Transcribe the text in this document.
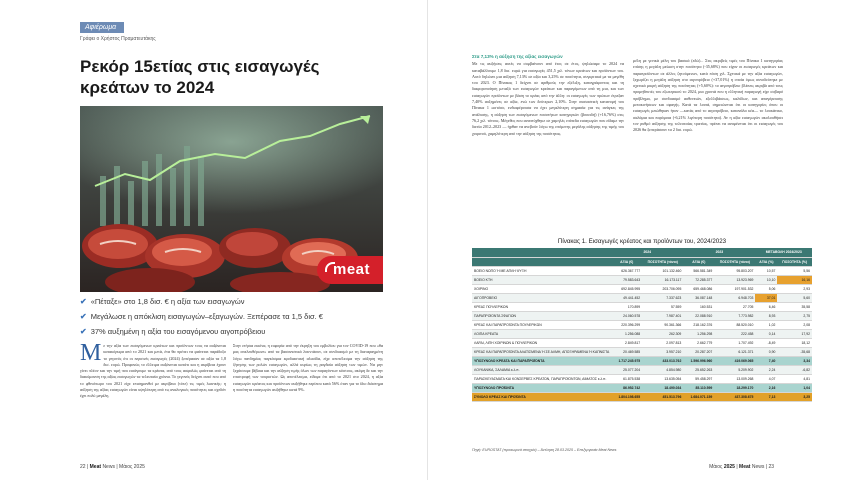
Αφιέρωμα
Γράφει ο Χρήστος Πραματευτάκης
Ρεκόρ 15ετίας στις εισαγωγές κρεάτων το 2024
meat
✔ «Πέταξε» στο 1,8 δισ. € η αξία των εισαγωγών
✔ Μεγάλωσε η απόκλιση εισαγωγών–εξαγωγών. Ξεπέρασε τα 1,5 δισ. €
✔ 37% αυξημένη η αξία του εισαγόμενου αιγοπρόβειου
Μ ε την αξία των εισαγόμενων κρεάτων και προϊόντων τους να αυξάνεται κατακόρυφα από το 2021 και μετά, ένα θα πρέπει να φαίνεται παράδοξο το γεγονός ότι οι περσινές εισαγωγές (2024) ξεπέρασαν σε αξία τα 1,8 δισ. ευρώ. Προφανώς το έλλειμα αυξάνεται κατάτι και η ακρίβεια έχουν γίνει πλέον και την τιμή που εισάγουμε τα κρέατα, από τους ασφαλώς φαίνεται από τη διακύμανση της αξίας εισαγωγών τα τελευταία χρόνια. Το γεγονός δείχνει αυτό που από το φθινόπωρο του 2021 είχε επισημανθεί με ακρίβεια (τότε) τις τιμές λιανικής: η αύξηση της αξίας εισαγωγών είναι υψηλότερη από τις αναλογικές ποσότητες και σχεδόν έχει πολύ μεγάλη.
Στην ετήσια εκκίνα, η ευφορία από την έκρηξη του εμβολίου για τον COVID-19 που «θα μας απελευθέρωνε» από τα βασανιστικά λοκντάουν, σε συνδυασμό με τη διαταραγμένη λόγω πανδημίας παγκόσμια εφοδιαστική αλυσίδα, είχε αποτέλεσμα την αύξηση της ζήτησης των ρολών εισαγωγών, αλλά κυρίως τη ραγδαία αύξηση των τιμών. Να μην ξεχάσουμε βέβαια και την αύξηση τιμής όλων των παραγόντων κόστους, ακόμη δε και την επιστροφή των τουριστών. Ως αποτέλεσμα, είδαμε ότι από το 2021 στο 2024, η αξία εισαγωγών κρέατος και προϊόντων αυξήθηκε περίπου κατά 56% όταν για το ίδιο διάστημα η ποσότητα εισαγωγών αυξήθηκε κατά 9%.
22 | Meat News | Μάιος 2025
Στα 7,13% η αύξηση της αξίας εισαγωγών
Με τις αυξήσεις αυτές να συμβαίνουν από έτος σε έτος, ψηλώσαμε το 2024 να καταβάλλουμε 1,8 δισ. ευρώ για εισαγωγές 451,5 χιλ. τόνων κρεάτων και προϊόντων του. Αυτό δηλώνει μια αύξηση 7,13% σε αξία και 3,25% σε ποσότητα, συγκριτικά με τα μεγέθη του 2023. Ο Πίνακας 1 δείχνει σε αριθμούς την εξέλιξη, καταγράφοντας και τη διαφοροποίηση μεταξύ των εισαγωγών κρεάτων και παραγόμενων από τη μια, και των εισαγωγών προϊόντων με βάση το κρέας από την άλλη: οι εισαγωγές των πρώτων έτρεξαν 7,40% αυξημένες σε αξία, ενώ των δεύτερων 2,10%. Στην ουσιαστική κατανομή του Πίνακα 1 ωστόσο, ενδιαφέρουσα να έχει μεγαλύτερη σημασία για τις ανάγκες της ανάλυσης, η αύξηση των εισαγόμενων ποσοτήτων κατηγοριών (βοοειδή) (+16,76%) στις 76,2 χιλ. τόνους. Μέγεθος που αναπτύχθηκε σε χαμηλές επίπεδα εισαγωγών που είδαμε την διετία 2012–2023 — ήρθαν να ανεβούν λόγω της επόμενης μεγάλης αύξησης της τιμής του χοιρινού, χαμηλότερη από την αύξηση της ποσότητας.
μέλη με γενικά μέλη του βασικά (εδώ)... Στις ακριβείς τιμές του Πίνακα 1 κατηγορίας επίσης η μεγάλη μείωση στην ποσότητα (-35,68%) που είχαν οι εισαγωγές κρεάτων και παραπροϊόντων σε άλλες ζητούμενων, κατά πόση χιλ. Σχετικά με την αξία εισαγωγών, ξεχωρίζει η μεγάλη αύξηση στο αιγοπρόβειο (+37,01%) η οποία όμως συνοδεύτηκε με σχετικά μικρή αύξηση της ποσότητας (+5,60%): το αιγοπρόβειο βλέπεις ακριβά από τους προμηθευτές του εξωτερικού το 2024, μια χρονιά που η ελληνική παραγωγή είχε σοβαρό πρόβλημα, με συνδυασμό ασθενειών, εξελλιβάσεως, καλύδων, και απαγόρευσης μετακινήσεων και σφαγής. Κατά τα λοιπά, σημειώνεται ότι οι κατηγορίες όπου οι εισαγωγές μειώθηκαν ήταν —κατάς από το αιγοπρόβειο, κατανάλα κέα— το λουκάνικο, σαλάμια και παρόμοια (-6,21% λιγότερη ποσότητα). Αν η αξία εισαγωγών ακολουθήσει τον ρυθμό αύξησης της τελευταίας τριετίας, πρέπει να αναμένεται ότι οι εισαγωγές του 2026 θα ξεπεράσουν τα 2 δισ. ευρώ.
Πίνακας 1. Εισαγωγές κρέατος και προϊόντων του, 2024/2023
	2024		2023		ΜΕΤΑΒΟΛΗ 2024/2023	
	ΑΞΙΑ (€)	ΠΟΣΟΤΗΤΑ (τόνοι)	ΑΞΙΑ (€)	ΠΟΣΟΤΗΤΑ (τόνοι)	ΑΞΙΑ (%)	ΠΟΣΟΤΗΤΑ (%)
ΒΟΕΙΟ ΝΩΠΟ Ή ΜΕ ΑΠΛΗ ΨΥΞΗ	626.367.777	101.132.460	566.581.349	95.803.207	10,57	5,56
ΒΟΕΙΟ ΚΤΗ	79.583.643	16.173.117	72.285.377	13.923.969	10,10	16,16
ΧΟΙΡΙΝΟ	692.845.995	203.706.095	659.468.086	197.901.532	5,06	2,93
ΑΙΓΟΠΡΟΒΕΙΟ	49.441.452	7.337.623	36.087.148	6.948.703	37,01	5,60
ΚΡΕΑΣ ΠΟΥΛΕΡΙΚΩΝ	170.899	57.559	160.531	27.705	6,46	35,58
ΠΑΡΑΠΡΟΪΟΝΤΑ ΣΦΑΓΙΩΝ	24.060.578	7.987.401	22.088.910	7.773.982	8,93	2,75
ΚΡΕΑΣ ΚΑΙ ΠΑΡΑΠΡΟΪΟΝΤΑ ΠΟΥΛΕΡΙΚΩΝ	220.396.299	90.361.366	218.162.376	88.520.010	1,02	2,08
ΛΟΙΠΑ ΚΡΕΑΤΑ	1.256.088	262.309	1.256.298	222.458	0,14	17,92
ΛΑΡΔΙ, ΛΙΠΗ ΧΟΙΡΙΝΩΝ & ΠΟΥΛΕΡΙΚΩΝ	2.849.817	2.097.813	2.662.779	1.707.492	-8,49	18,12
ΚΡΕΑΣ ΚΑΙ ΠΑΡΑΠΡΟΪΟΝΤΑ ΑΛΑΤΙΣΜΕΝΑ Ή ΣΕ ΑΛΜΗ, ΑΠΟΞΗΡΑΜΕΝΑ Ή ΚΑΠΝΙΣΤΑ	20.469.585	3.957.210	20.287.207	6.121.371	0,90	-35,68
ΥΠΟΣΥΝΟΛΟ ΚΡΕΑΤΑ ΚΑΙ ΠΑΡΑΠΡΟΪΟΝΤΑ	1.717.245.975	433.013.762	1.596.996.960	419.069.065	7,40	3,34
ΛΟΥΚΑΝΙΚΑ, ΣΑΛΑΜΙΑ κ.λ.π.	25.077.204	4.854.980	25.652.263	5.209.902	2,24	-6,82
ΠΑΡΑΣΚΕΥΑΣΜΑΤΑ ΚΑΙ ΚΟΝΣΕΡΒΕΣ ΚΡΕΑΤΩΝ, ΠΑΡΑΠΡΟΪΟΝΤΩΝ, ΑΙΜΑΤΟΣ κ.λ.π.	61.875.538	13.635.054	59.458.297	13.009.268	4,07	4,81
ΥΠΟΣΥΝΟΛΟ ΠΡΟΪΟΝΤΑ	86.952.742	18.490.034	85.110.599	18.299.170	2,16	1,04
ΣΥΝΟΛΟ ΚΡΕΑΣ ΚΑΙ ΠΡΟΪΟΝΤΑ	1.804.198.655	451.513.796	1.684.071.159	437.308.675	7,13	3,25
Πηγή: EUROSTAT (προσωρινά στοιχεία) – Άντληση 28.03.2025 – Επεξεργασία Meat News
Μάιος 2025 | Meat News | 23
